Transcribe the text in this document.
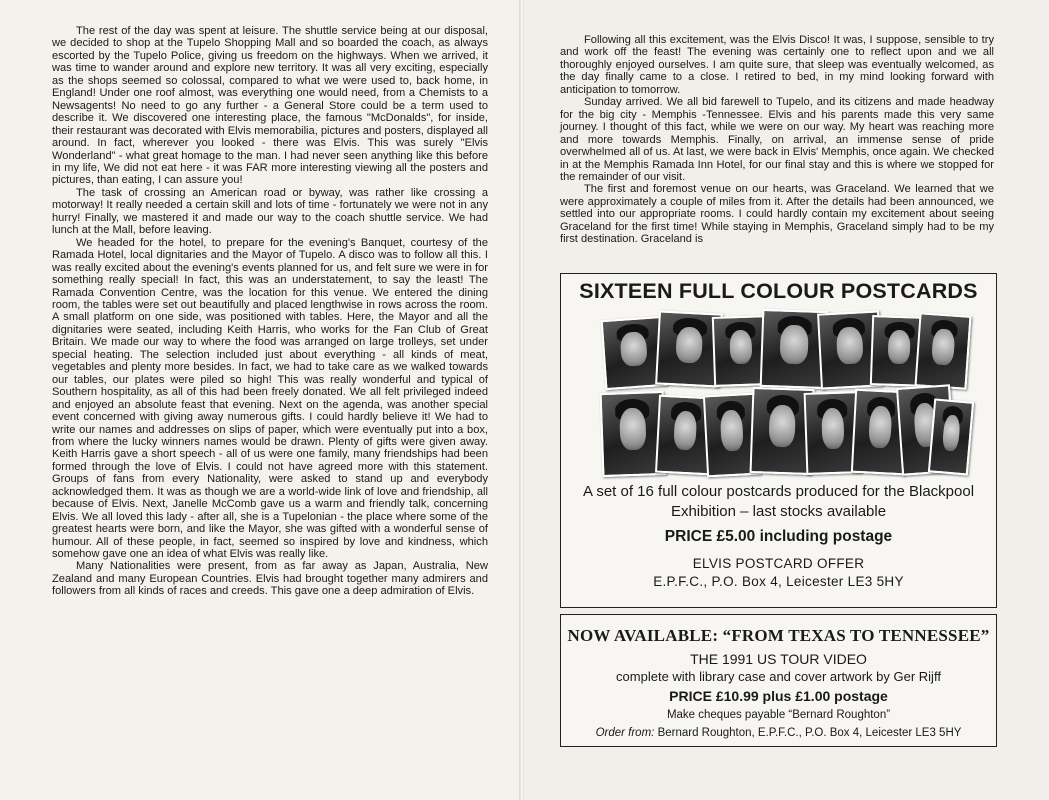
The rest of the day was spent at leisure. The shuttle service being at our disposal, we decided to shop at the Tupelo Shopping Mall and so boarded the coach, as always escorted by the Tupelo Police, giving us freedom on the highways. When we arrived, it was time to wander around and explore new territory. It was all very exciting, especially as the shops seemed so colossal, compared to what we were used to, back home, in England! Under one roof almost, was everything one would need, from a Chemists to a Newsagents! No need to go any further - a General Store could be a term used to describe it. We discovered one interesting place, the famous "McDonalds", for inside, their restaurant was decorated with Elvis memorabilia, pictures and posters, displayed all around. In fact, wherever you looked - there was Elvis. This was surely "Elvis Wonderland" - what great homage to the man. I had never seen anything like this before in my life, We did not eat here - it was FAR more interesting viewing all the posters and pictures, than eating, I can assure you!

The task of crossing an American road or byway, was rather like crossing a motorway! It really needed a certain skill and lots of time - fortunately we were not in any hurry! Finally, we mastered it and made our way to the coach shuttle service. We had lunch at the Mall, before leaving.

We headed for the hotel, to prepare for the evening's Banquet, courtesy of the Ramada Hotel, local dignitaries and the Mayor of Tupelo. A disco was to follow all this. I was really excited about the evening's events planned for us, and felt sure we were in for something really special! In fact, this was an understatement, to say the least! The Ramada Convention Centre, was the location for this venue. We entered the dining room, the tables were set out beautifully and placed lengthwise in rows across the room. A small platform on one side, was positioned with tables. Here, the Mayor and all the dignitaries were seated, including Keith Harris, who works for the Fan Club of Great Britain. We made our way to where the food was arranged on large trolleys, set under special heating. The selection included just about everything - all kinds of meat, vegetables and plenty more besides. In fact, we had to take care as we walked towards our tables, our plates were piled so high! This was really wonderful and typical of Southern hospitality, as all of this had been freely donated. We all felt privileged indeed and enjoyed an absolute feast that evening. Next on the agenda, was another special event concerned with giving away numerous gifts. I could hardly believe it! We had to write our names and addresses on slips of paper, which were eventually put into a box, from where the lucky winners names would be drawn. Plenty of gifts were given away. Keith Harris gave a short speech - all of us were one family, many friendships had been formed through the love of Elvis. I could not have agreed more with this statement. Groups of fans from every Nationality, were asked to stand up and everybody acknowledged them. It was as though we are a world-wide link of love and friendship, all because of Elvis. Next, Janelle McComb gave us a warm and friendly talk, concerning Elvis. We all loved this lady - after all, she is a Tupelonian - the place where some of the greatest hearts were born, and like the Mayor, she was gifted with a wonderful sense of humour. All of these people, in fact, seemed so inspired by love and kindness, which somehow gave one an idea of what Elvis was really like.

Many Nationalities were present, from as far away as Japan, Australia, New Zealand and many European Countries. Elvis had brought together many admirers and followers from all kinds of races and creeds. This gave one a deep admiration of Elvis.

Following all this excitement, was the Elvis Disco! It was, I suppose, sensible to try and work off the feast! The evening was certainly one to reflect upon and we all thoroughly enjoyed ourselves. I am quite sure, that sleep was eventually welcomed, as the day finally came to a close. I retired to bed, in my mind looking forward with anticipation to tomorrow.

Sunday arrived. We all bid farewell to Tupelo, and its citizens and made headway for the big city - Memphis -Tennessee. Elvis and his parents made this very same journey. I thought of this fact, while we were on our way. My heart was reaching more and more towards Memphis. Finally, on arrival, an immense sense of pride overwhelmed all of us. At last, we were back in Elvis' Memphis, once again. We checked in at the Memphis Ramada Inn Hotel, for our final stay and this is where we stopped for the remainder of our visit.

The first and foremost venue on our hearts, was Graceland. We learned that we were approximately a couple of miles from it. After the details had been announced, we settled into our appropriate rooms. I could hardly contain my excitement about seeing Graceland for the first time! While staying in Memphis, Graceland simply had to be my first destination. Graceland is

SIXTEEN FULL COLOUR POSTCARDS
A set of 16 full colour postcards produced for the Blackpool Exhibition – last stocks available
PRICE £5.00 including postage
ELVIS POSTCARD OFFER
E.P.F.C., P.O. Box 4, Leicester LE3 5HY
NOW AVAILABLE: “FROM TEXAS TO TENNESSEE”
THE 1991 US TOUR VIDEO
complete with library case and cover artwork by Ger Rijff
PRICE £10.99 plus £1.00 postage
Make cheques payable “Bernard Roughton”
Order from: Bernard Roughton, E.P.F.C., P.O. Box 4, Leicester LE3 5HY
